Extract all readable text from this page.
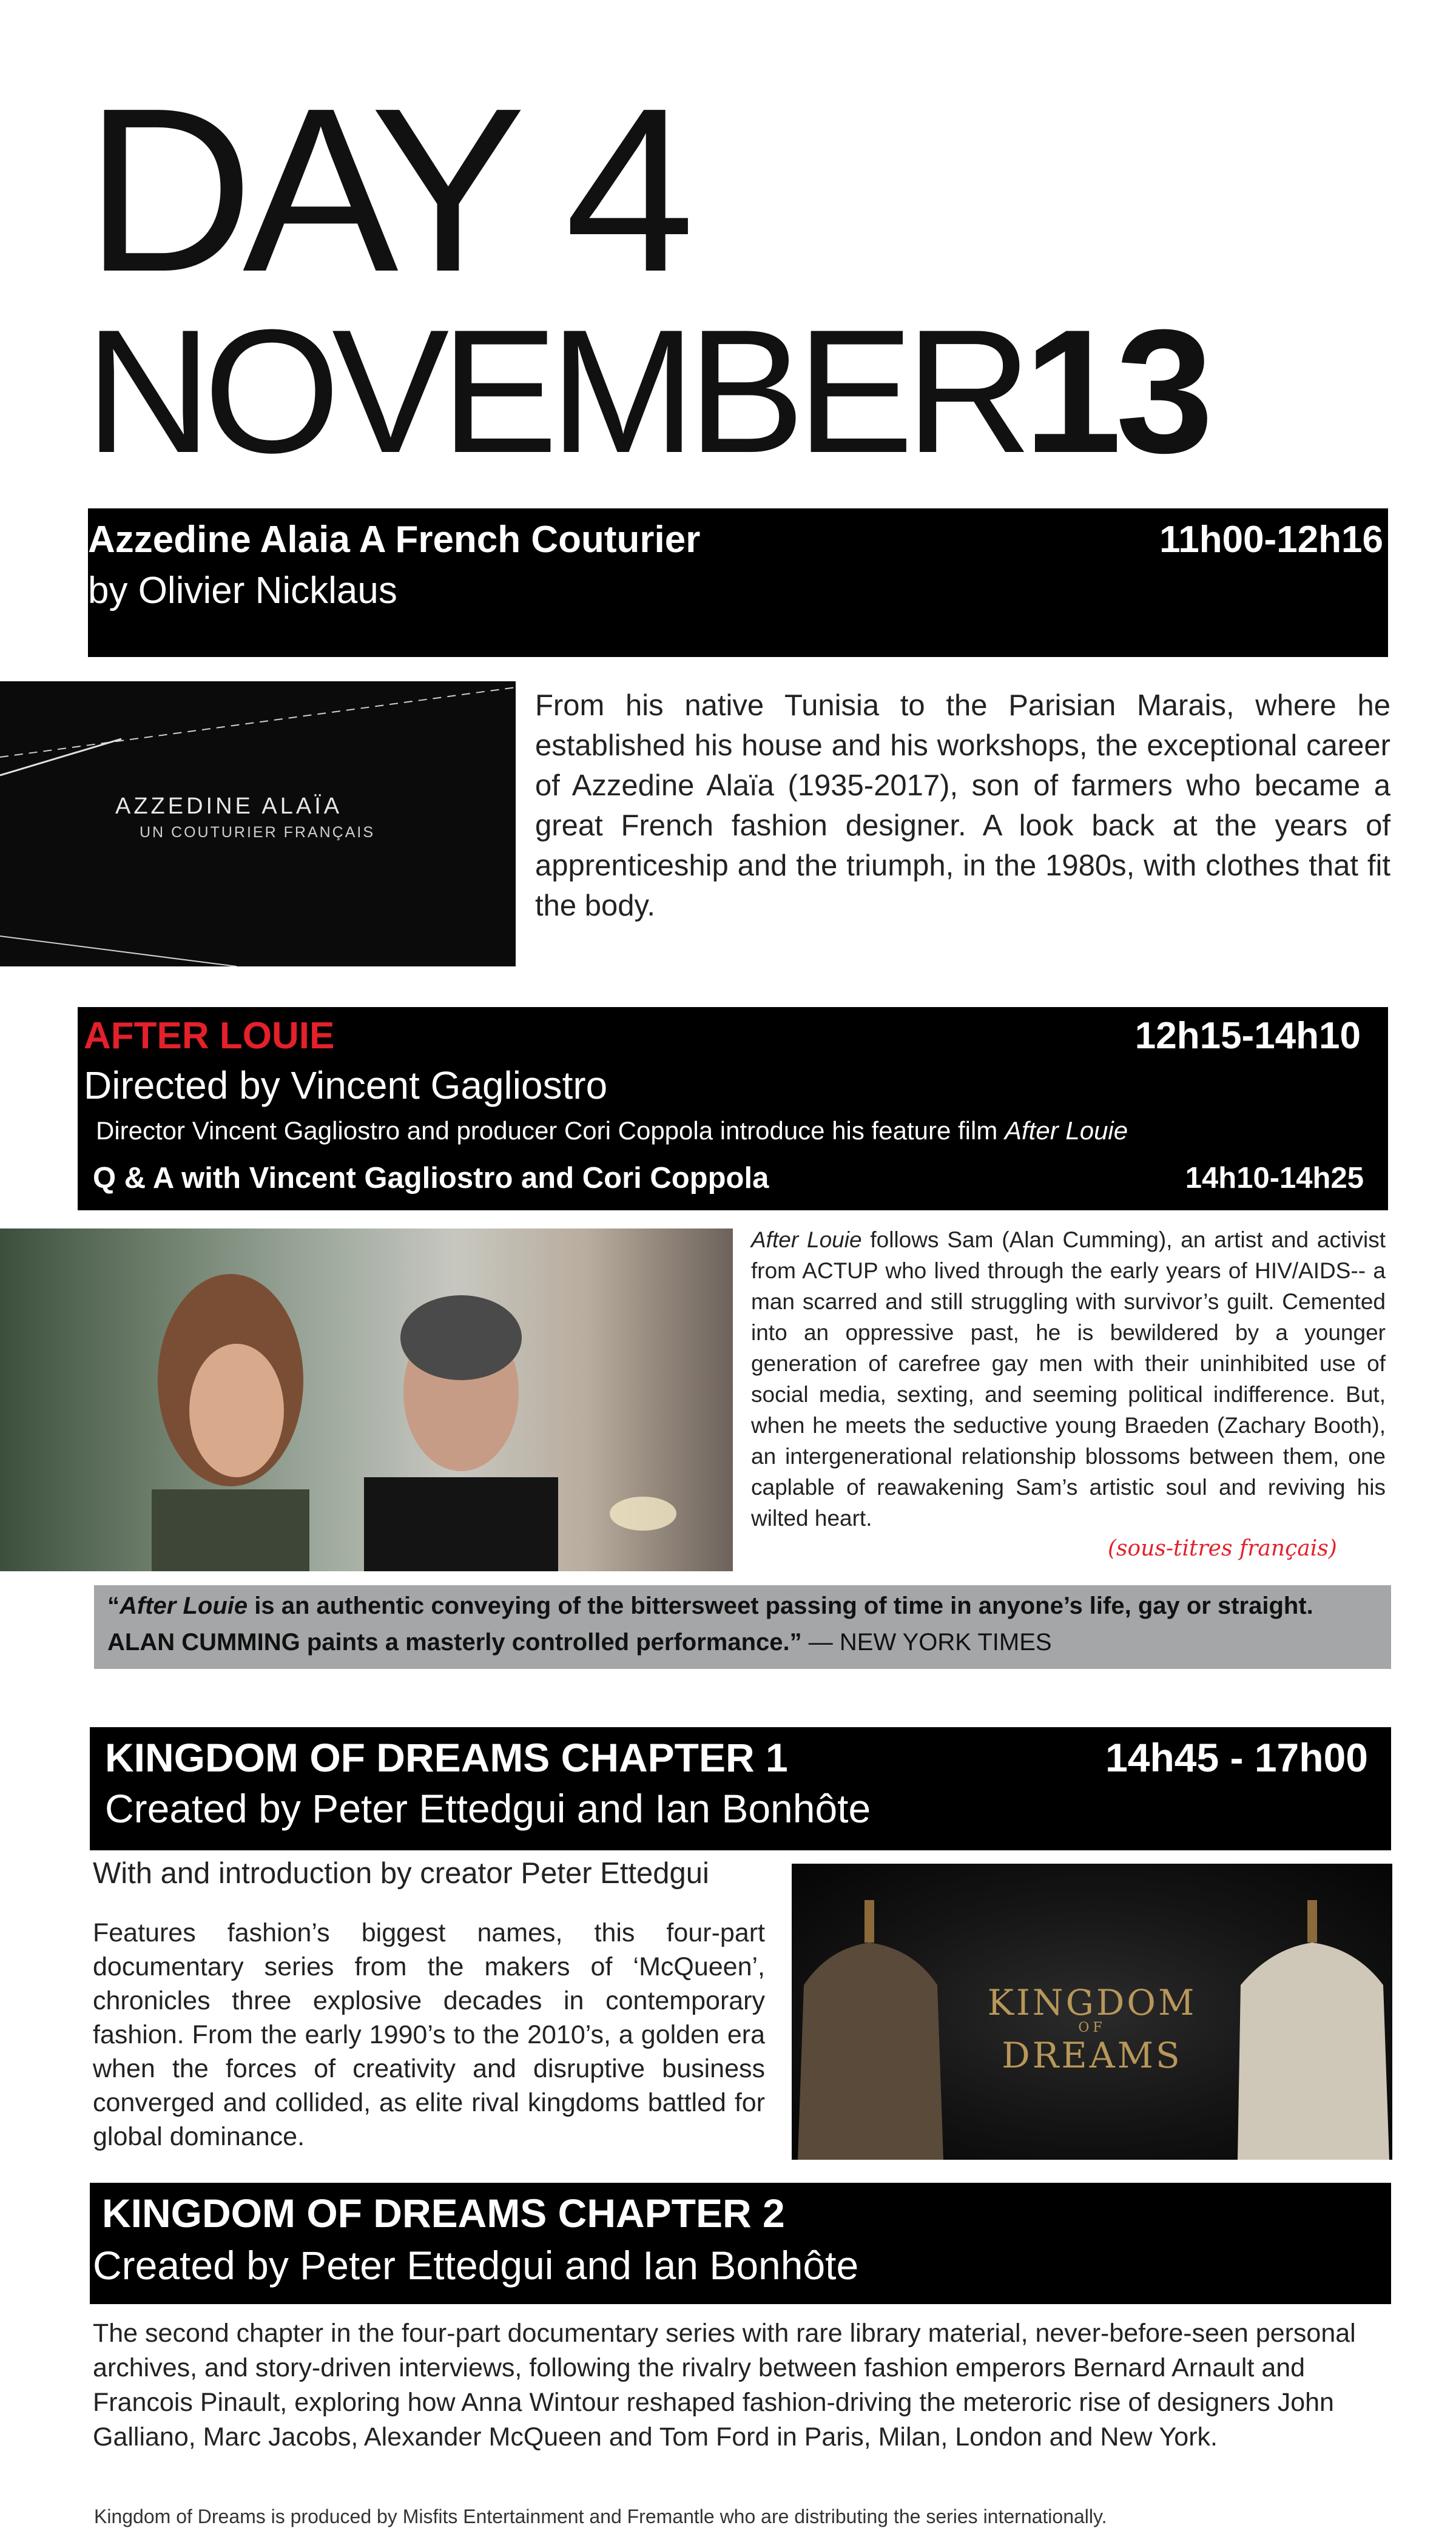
DAY 4
NOVEMBER13
Azzedine Alaia A French Couturier	11h00-12h16
by Olivier Nicklaus
AZZEDINE ALAÏA
UN COUTURIER FRANÇAIS
From his native Tunisia to the Parisian Marais, where he established his house and his workshops, the exceptional career of Azzedine Alaïa (1935-2017), son of farmers who became a great French fashion designer. A look back at the years of apprenticeship and the triumph, in the 1980s, with clothes that fit the body.
AFTER LOUIE	12h15-14h10
Directed by Vincent Gagliostro
Director Vincent Gagliostro and producer Cori Coppola introduce his feature film After Louie
Q & A with Vincent Gagliostro and Cori Coppola	14h10-14h25
After Louie follows Sam (Alan Cumming), an artist and activist from ACTUP who lived through the early years of HIV/AIDS-- a man scarred and still struggling with survivor’s guilt. Cemented into an oppressive past, he is bewildered by a younger generation of carefree gay men with their uninhibited use of social media, sexting, and seeming political indifference. But, when he meets the seductive young Braeden (Zachary Booth), an intergenerational relationship blossoms between them, one caplable of reawakening Sam’s artistic soul and reviving his wilted heart.
(sous-titres français)
“After Louie is an authentic conveying of the bittersweet passing of time in anyone’s life, gay or straight.
ALAN CUMMING paints a masterly controlled performance.” — NEW YORK TIMES
KINGDOM OF DREAMS CHAPTER 1	14h45 - 17h00
Created by Peter Ettedgui and Ian Bonhôte
With and introduction by creator Peter Ettedgui
Features fashion’s biggest names, this four-part documentary series from the makers of ‘McQueen’, chronicles three explosive decades in contemporary fashion. From the early 1990’s to the 2010’s, a golden era when the forces of creativity and disruptive business converged and collided, as elite rival kingdoms battled for global dominance.
KINGDOM
OF
DREAMS
KINGDOM OF DREAMS CHAPTER 2
Created by Peter Ettedgui and Ian Bonhôte
The second chapter in the four-part documentary series with rare library material, never-before-seen personal archives, and story-driven interviews, following the rivalry between fashion emperors Bernard Arnault and Francois Pinault, exploring how Anna Wintour reshaped fashion-driving the meteroric rise of designers John Galliano, Marc Jacobs, Alexander McQueen and Tom Ford in Paris, Milan, London and New York.
Kingdom of Dreams is produced by Misfits Entertainment and Fremantle who are distributing the series internationally.
